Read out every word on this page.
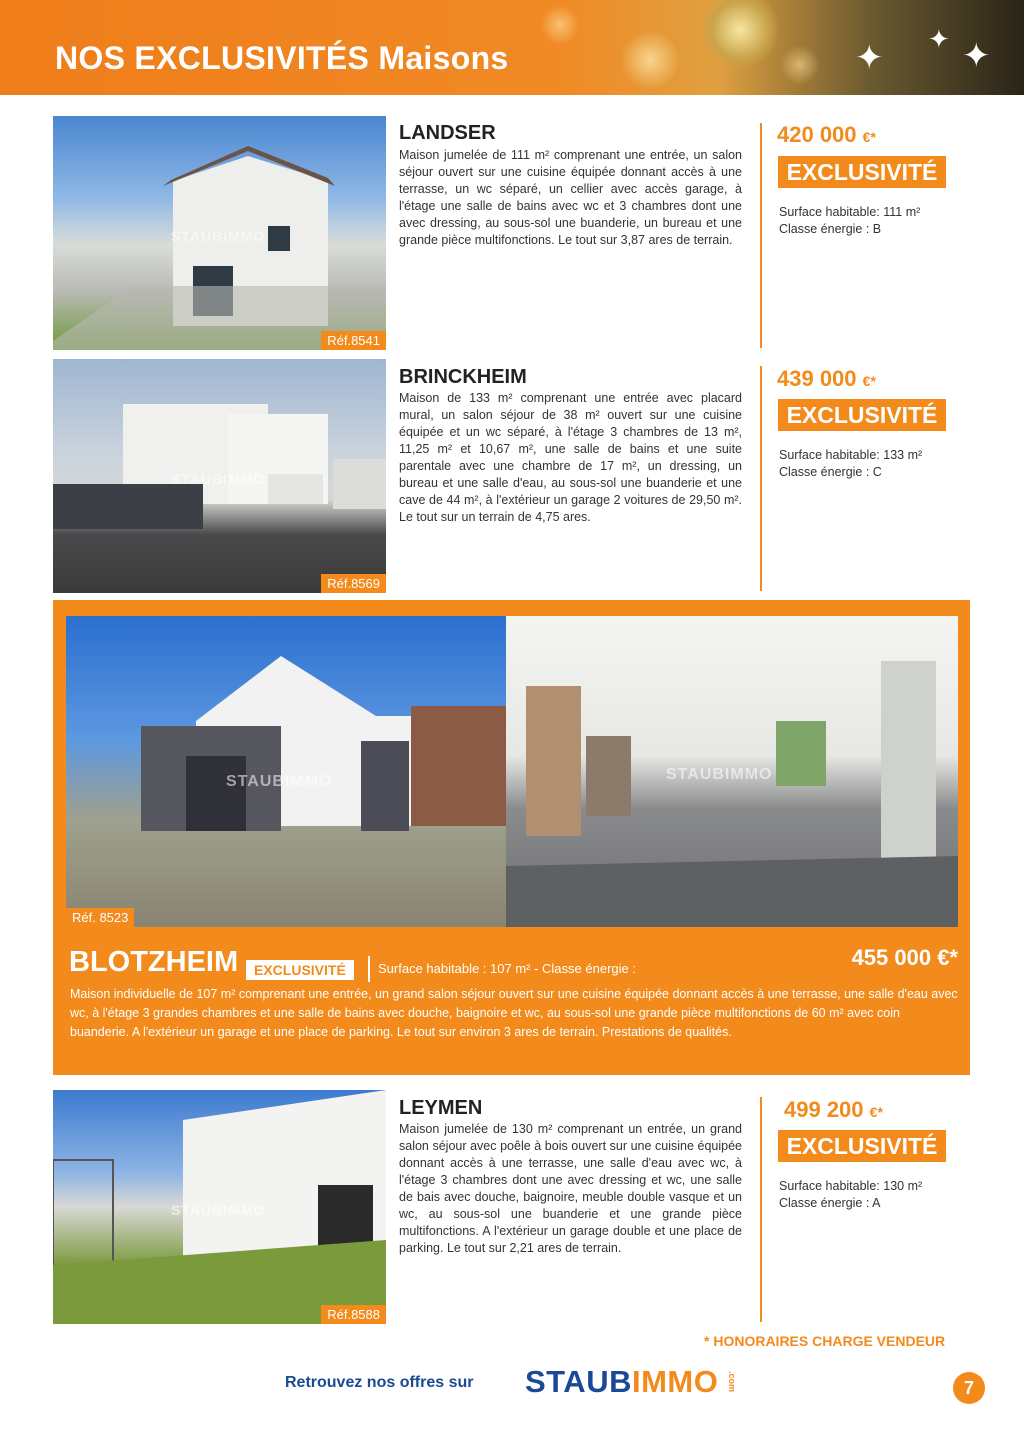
✦ ✦ ✦
NOS EXCLUSIVITÉS Maisons
STAUBIMMO
Réf.8541
LANDSER
Maison jumelée de 111 m² comprenant une entrée, un salon séjour ouvert sur une cuisine équipée donnant accès à une terrasse, un wc séparé, un cellier avec accès garage, à l'étage une salle de bains avec wc et 3 chambres dont une avec dressing, au sous-sol une buanderie, un bureau et une grande pièce multifonctions. Le tout sur 3,87 ares de terrain.
420 000 €*
EXCLUSIVITÉ
Surface habitable: 111 m²
Classe énergie : B
STAUBIMMO
Réf.8569
BRINCKHEIM
Maison de 133 m² comprenant une entrée avec placard mural, un salon séjour de 38 m² ouvert sur une cuisine équipée et un wc séparé, à l'étage 3 chambres de 13 m², 11,25 m² et 10,67 m², une salle de bains et une suite parentale avec une chambre de 17 m², un dressing, un bureau et une salle d'eau, au sous-sol une buanderie et une cave de 44 m², à l'extérieur un garage 2 voitures de 29,50 m². Le tout sur un terrain de 4,75 ares.
439 000 €*
EXCLUSIVITÉ
Surface habitable: 133 m²
Classe énergie : C
STAUBIMMO
Réf. 8523
STAUBIMMO
BLOTZHEIM	EXCLUSIVITÉ	Surface habitable : 107 m² - Classe énergie :	455 000 €*
Maison individuelle de 107 m² comprenant une entrée, un grand salon séjour ouvert sur une cuisine équipée donnant accès à une terrasse, une salle d'eau avec wc, à l'étage 3 grandes chambres et une salle de bains avec douche, baignoire et wc, au sous-sol une grande pièce multifonctions de 60 m² avec coin buanderie. A l'extérieur un garage et une place de parking. Le tout sur environ 3 ares de terrain. Prestations de qualités.
STAUBIMMO
Réf.8588
LEYMEN
Maison jumelée de 130 m² comprenant un entrée, un grand salon séjour avec poêle à bois ouvert sur une cuisine équipée donnant accès à une terrasse, une salle d'eau avec wc, à l'étage 3 chambres dont une avec dressing et wc, une salle de bais avec douche, baignoire, meuble double vasque et un wc, au sous-sol une buanderie et une grande pièce multifonctions. A l'extérieur un garage double et une place de parking. Le tout sur 2,21 ares de terrain.
499 200 €*
EXCLUSIVITÉ
Surface habitable: 130 m²
Classe énergie : A
* HONORAIRES CHARGE VENDEUR
Retrouvez nos offres sur STAUBIMMO .com	7
